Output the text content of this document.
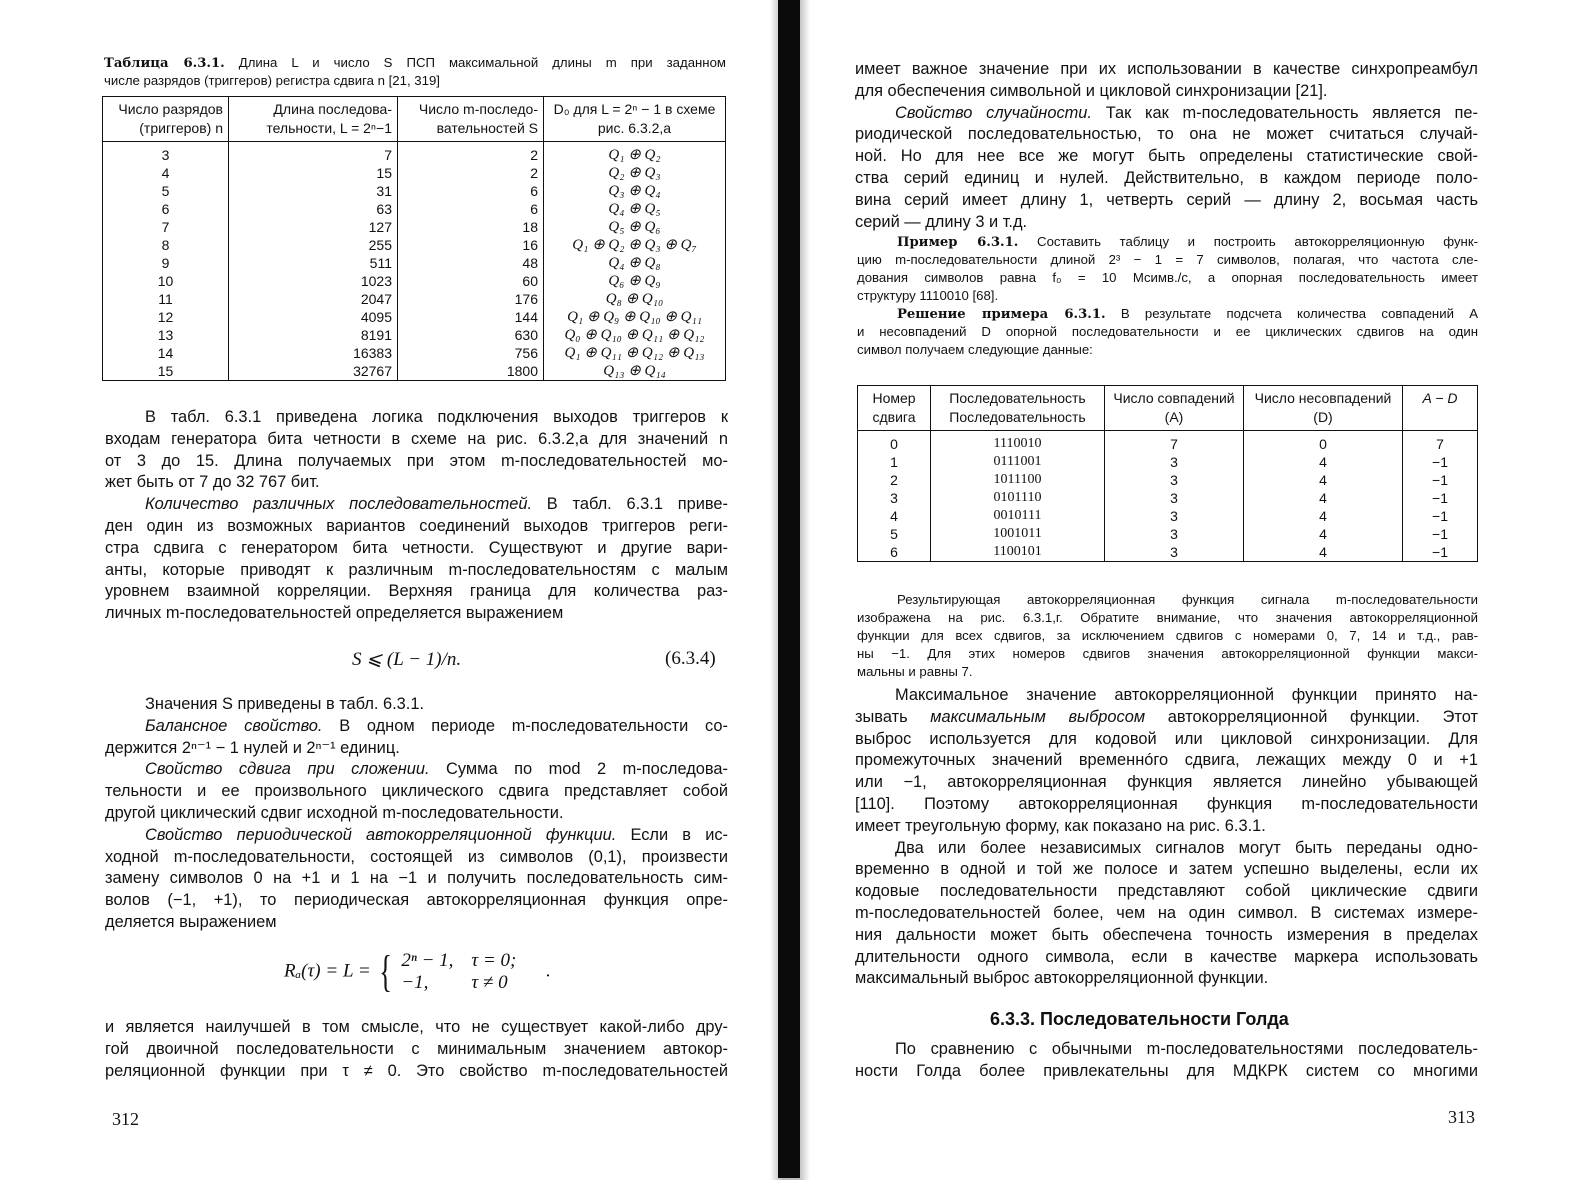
Таблица 6.3.1. Длина L и число S ПСП максимальной длины m при заданном
числе разрядов (триггеров) регистра сдвига n [21, 319]
Число разрядов (триггеров) n	Длина последова- тельности, L = 2ⁿ−1	Число m-последо- вательностей S	D₀ для L = 2ⁿ − 1 в схеме рис. 6.3.2,а
3	7	2	Q₁ ⊕ Q₂
4	15	2	Q₂ ⊕ Q₃
5	31	6	Q₃ ⊕ Q₄
6	63	6	Q₄ ⊕ Q₅
7	127	18	Q₅ ⊕ Q₆
8	255	16	Q₁ ⊕ Q₂ ⊕ Q₃ ⊕ Q₇
9	511	48	Q₄ ⊕ Q₈
10	1023	60	Q₆ ⊕ Q₉
11	2047	176	Q₈ ⊕ Q₁₀
12	4095	144	Q₁ ⊕ Q₉ ⊕ Q₁₀ ⊕ Q₁₁
13	8191	630	Q₀ ⊕ Q₁₀ ⊕ Q₁₁ ⊕ Q₁₂
14	16383	756	Q₁ ⊕ Q₁₁ ⊕ Q₁₂ ⊕ Q₁₃
15	32767	1800	Q₁₃ ⊕ Q₁₄
В табл. 6.3.1 приведена логика подключения выходов триггеров к
входам генератора бита четности в схеме на рис. 6.3.2,а для значений n
от 3 до 15. Длина получаемых при этом m-последовательностей мо-
жет быть от 7 до 32 767 бит.
Количество различных последовательностей. В табл. 6.3.1 приве-
ден один из возможных вариантов соединений выходов триггеров реги-
стра сдвига с генератором бита четности. Существуют и другие вари-
анты, которые приводят к различным m-последовательностям с малым
уровнем взаимной корреляции. Верхняя граница для количества раз-
личных m-последовательностей определяется выражением
S ⩽ (L − 1)/n.	(6.3.4)
Значения S приведены в табл. 6.3.1.
Балансное свойство. В одном периоде m-последовательности со-
держится 2ⁿ⁻¹ − 1 нулей и 2ⁿ⁻¹ единиц.
Свойство сдвига при сложении. Сумма по mod 2 m-последова-
тельности и ее произвольного циклического сдвига представляет собой
другой циклический сдвиг исходной m-последовательности.
Свойство периодической автокорреляционной функции. Если в ис-
ходной m-последовательности, состоящей из символов (0,1), произвести
замену символов 0 на +1 и 1 на −1 и получить последовательность сим-
волов (−1, +1), то периодическая автокорреляционная функция опре-
деляется выражением
Rₐ(τ) = L = { 2ⁿ − 1, τ = 0;
−1, τ ≠ 0
.
и является наилучшей в том смысле, что не существует какой-либо дру-
гой двоичной последовательности с минимальным значением автокор-
реляционной функции при τ ≠ 0. Это свойство m-последовательностей
312
имеет важное значение при их использовании в качестве синхропреамбул
для обеспечения символьной и цикловой синхронизации [21].
Свойство случайности. Так как m-последовательность является пе-
риодической последовательностью, то она не может считаться случай-
ной. Но для нее все же могут быть определены статистические свой-
ства серий единиц и нулей. Действительно, в каждом периоде поло-
вина серий имеет длину 1, четверть серий — длину 2, восьмая часть
серий — длину 3 и т.д.
Пример 6.3.1. Составить таблицу и построить автокорреляционную функ-
цию m-последовательности длиной 2³ − 1 = 7 символов, полагая, что частота сле-
дования символов равна f₀ = 10 Мсимв./с, а опорная последовательность имеет
структуру 1110010 [68].
Решение примера 6.3.1. В результате подсчета количества совпадений A
и несовпадений D опорной последовательности и ее циклических сдвигов на один
символ получаем следующие данные:
Номер сдвига	Последовательность Последовательность	Число совпадений (A)	Число несовпадений (D)	A − D
0	1110010	7	0	7
1	0111001	3	4	−1
2	1011100	3	4	−1
3	0101110	3	4	−1
4	0010111	3	4	−1
5	1001011	3	4	−1
6	1100101	3	4	−1
Результирующая автокорреляционная функция сигнала m-последовательности
изображена на рис. 6.3.1,г. Обратите внимание, что значения автокорреляционной
функции для всех сдвигов, за исключением сдвигов с номерами 0, 7, 14 и т.д., рав-
ны −1. Для этих номеров сдвигов значения автокорреляционной функции макси-
мальны и равны 7.
Максимальное значение автокорреляционной функции принято на-
зывать максимальным выбросом автокорреляционной функции. Этот
выброс используется для кодовой или цикловой синхронизации. Для
промежуточных значений временнóго сдвига, лежащих между 0 и +1
или −1, автокорреляционная функция является линейно убывающей
[110]. Поэтому автокорреляционная функция m-последовательности
имеет треугольную форму, как показано на рис. 6.3.1.
Два или более независимых сигналов могут быть переданы одно-
временно в одной и той же полосе и затем успешно выделены, если их
кодовые последовательности представляют собой циклические сдвиги
m-последовательностей более, чем на один символ. В системах измере-
ния дальности может быть обеспечена точность измерения в пределах
длительности одного символа, если в качестве маркера использовать
максимальный выброс автокорреляционной функции.
6.3.3. Последовательности Голда
По сравнению с обычными m-последовательностями последователь-
ности Голда более привлекательны для МДКРК систем со многими
313
